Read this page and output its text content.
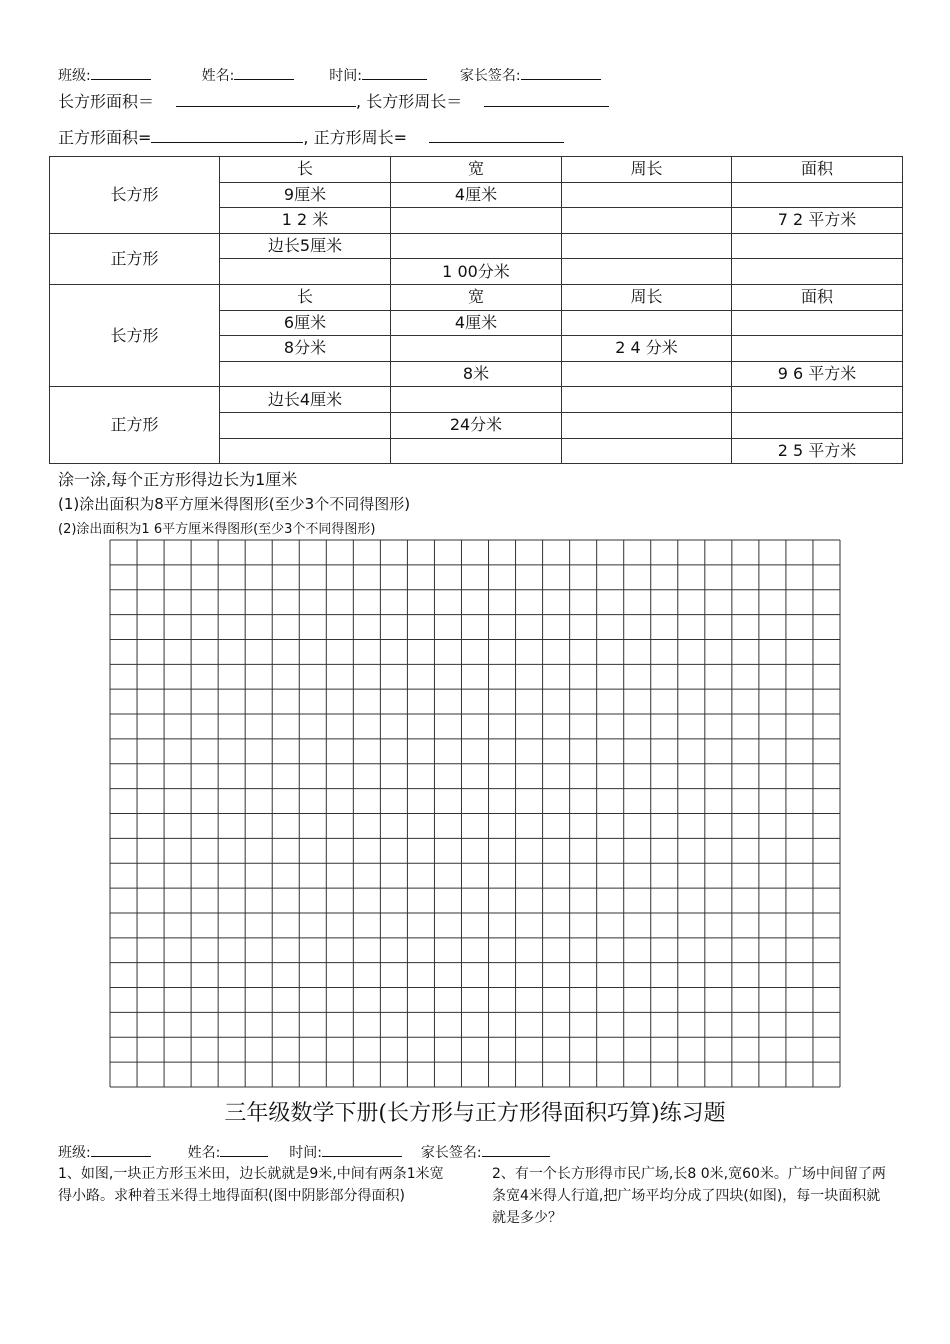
班级:	姓名:	时间:	家长签名:
长方形面积＝	, 长方形周长＝
正方形面积=	, 正方形周长=
长方形	长	宽	周长	面积
	9厘米	4厘米		
	1 2 米			7 2 平方米
正方形	边长5厘米			
		1 00分米		
长方形	长	宽	周长	面积
	6厘米	4厘米		
	8分米		2 4 分米	
		8米		9 6 平方米
正方形	边长4厘米			
		24分米		
				2 5 平方米
涂一涂,每个正方形得边长为1厘米
(1)涂出面积为8平方厘米得图形(至少3个不同得图形)
(2)涂出面积为1 6平方厘米得图形(至少3个不同得图形)
三年级数学下册(长方形与正方形得面积巧算)练习题
班级:	姓名:	时间:	家长签名:
1、如图,一块正方形玉米田，边长就就是9米,中间有两条1米宽得小路。求种着玉米得土地得面积(图中阴影部分得面积)
2、有一个长方形得市民广场,长8 0米,宽60米。广场中间留了两条宽4米得人行道,把广场平均分成了四块(如图)，每一块面积就就是多少？
